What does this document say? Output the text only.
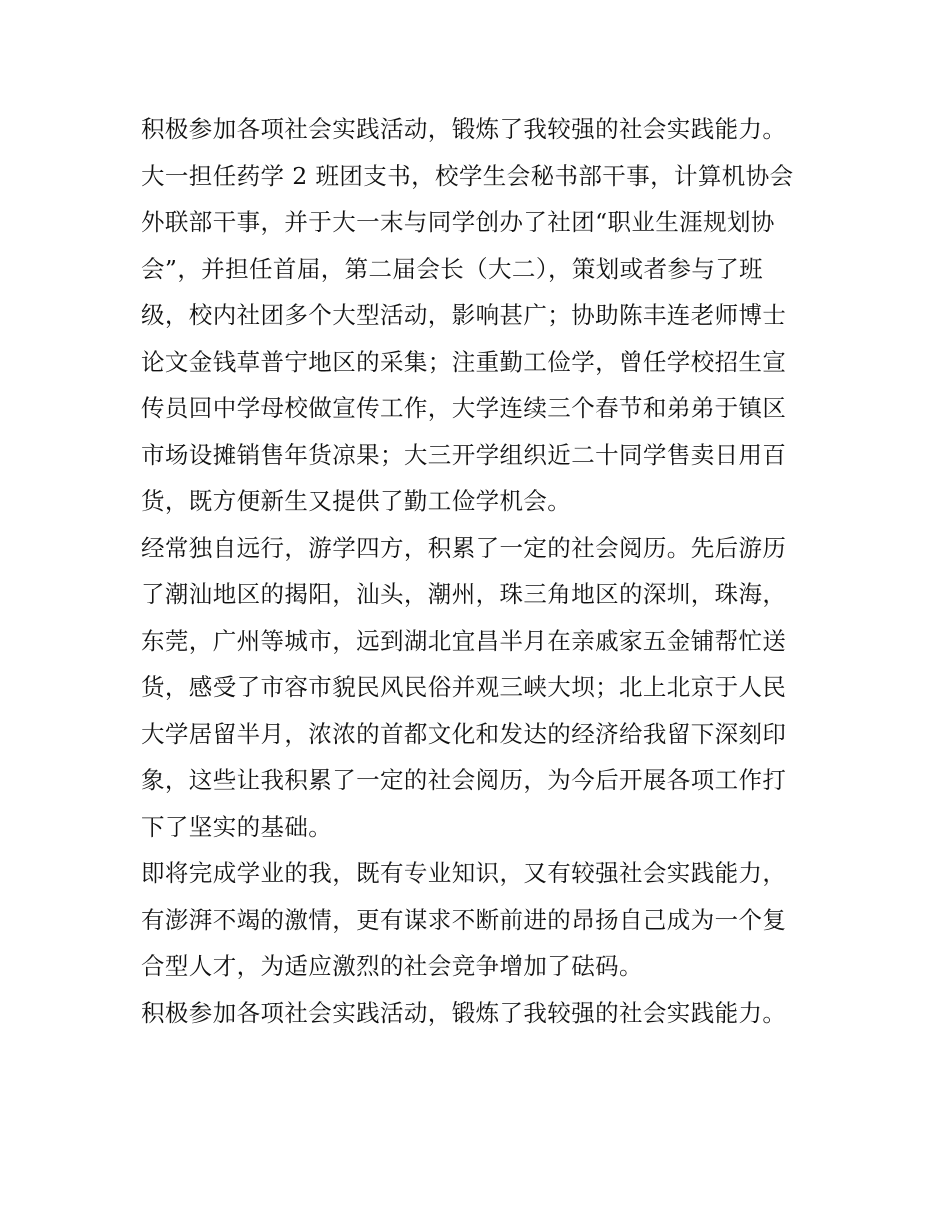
积极参加各项社会实践活动，锻炼了我较强的社会实践能力。
大一担任药学 2 班团支书，校学生会秘书部干事，计算机协会
外联部干事，并于大一末与同学创办了社团“职业生涯规划协
会”，并担任首届，第二届会长（大二），策划或者参与了班
级，校内社团多个大型活动，影响甚广；协助陈丰连老师博士
论文金钱草普宁地区的采集；注重勤工俭学，曾任学校招生宣
传员回中学母校做宣传工作，大学连续三个春节和弟弟于镇区
市场设摊销售年货凉果；大三开学组织近二十同学售卖日用百
货，既方便新生又提供了勤工俭学机会。
经常独自远行，游学四方，积累了一定的社会阅历。先后游历
了潮汕地区的揭阳，汕头，潮州，珠三角地区的深圳，珠海，
东莞，广州等城市，远到湖北宜昌半月在亲戚家五金铺帮忙送
货，感受了市容市貌民风民俗并观三峡大坝；北上北京于人民
大学居留半月，浓浓的首都文化和发达的经济给我留下深刻印
象，这些让我积累了一定的社会阅历，为今后开展各项工作打
下了坚实的基础。
即将完成学业的我，既有专业知识，又有较强社会实践能力，
有澎湃不竭的激情，更有谋求不断前进的昂扬自己成为一个复
合型人才，为适应激烈的社会竞争增加了砝码。
积极参加各项社会实践活动，锻炼了我较强的社会实践能力。
